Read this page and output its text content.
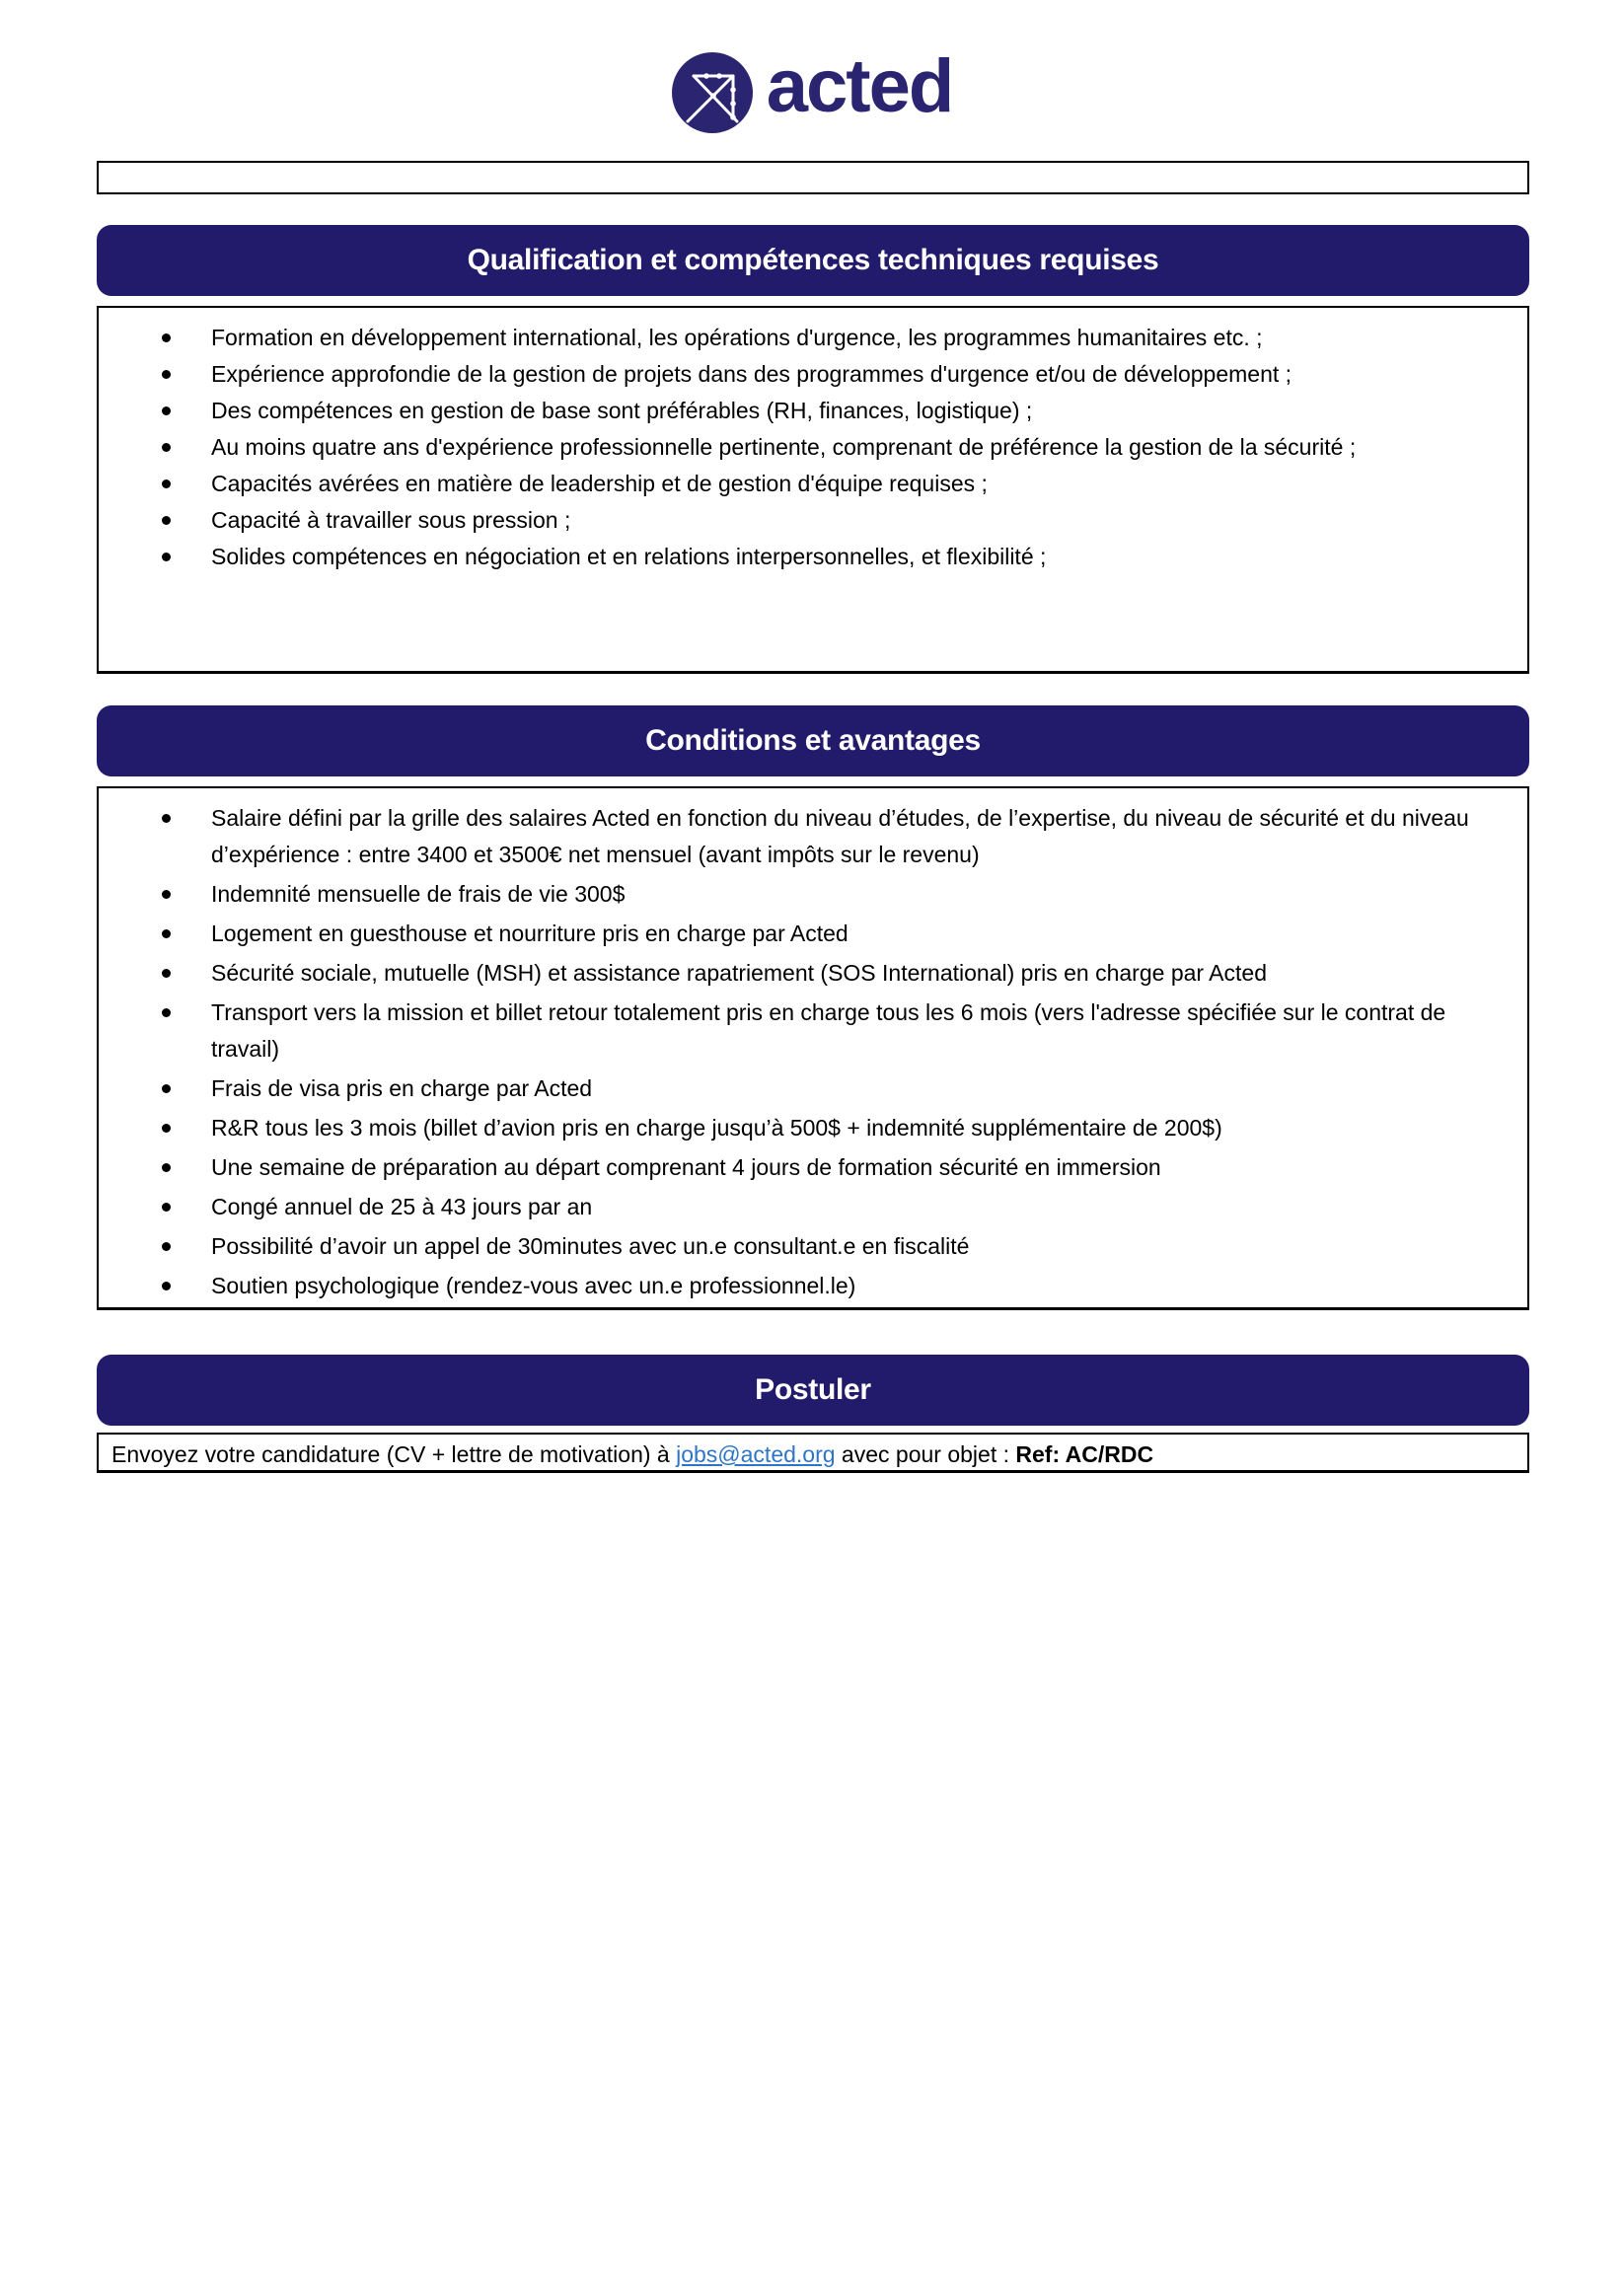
acted
Qualification et compétences techniques requises
Formation en développement international, les opérations d'urgence, les programmes humanitaires etc. ;
Expérience approfondie de la gestion de projets dans des programmes d'urgence et/ou de développement ;
Des compétences en gestion de base sont préférables (RH, finances, logistique) ;
Au moins quatre ans d'expérience professionnelle pertinente, comprenant de préférence la gestion de la sécurité ;
Capacités avérées en matière de leadership et de gestion d'équipe requises ;
Capacité à travailler sous pression ;
Solides compétences en négociation et en relations interpersonnelles, et flexibilité ;
Conditions et avantages
Salaire défini par la grille des salaires Acted en fonction du niveau d’études, de l’expertise, du niveau de sécurité et du niveau d’expérience : entre 3400 et 3500€ net mensuel (avant impôts sur le revenu)
Indemnité mensuelle de frais de vie 300$
Logement en guesthouse et nourriture pris en charge par Acted
Sécurité sociale, mutuelle (MSH) et assistance rapatriement (SOS International) pris en charge par Acted
Transport vers la mission et billet retour totalement pris en charge tous les 6 mois (vers l'adresse spécifiée sur le contrat de travail)
Frais de visa pris en charge par Acted
R&R tous les 3 mois (billet d’avion pris en charge jusqu’à 500$ + indemnité supplémentaire de 200$)
Une semaine de préparation au départ comprenant 4 jours de formation sécurité en immersion
Congé annuel de 25 à 43 jours par an
Possibilité d’avoir un appel de 30minutes avec un.e consultant.e en fiscalité
Soutien psychologique (rendez-vous avec un.e professionnel.le)
Postuler

Envoyez votre candidature (CV + lettre de motivation) à jobs@acted.org avec pour objet : Ref: AC/RDC
